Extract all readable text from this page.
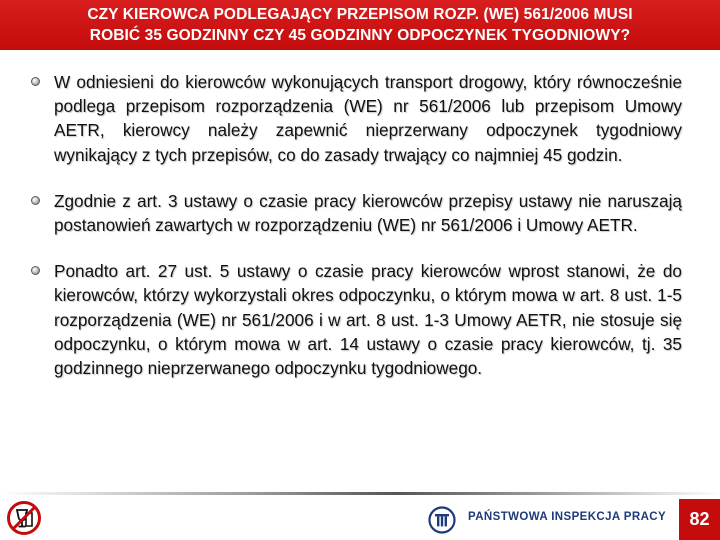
CZY KIEROWCA PODLEGAJĄCY PRZEPISOM ROZP. (WE) 561/2006 MUSI
ROBIĆ 35 GODZINNY CZY 45 GODZINNY ODPOCZYNEK TYGODNIOWY?
W odniesieni do kierowców wykonujących transport drogowy, który równocześnie podlega przepisom rozporządzenia (WE) nr 561/2006 lub przepisom Umowy AETR, kierowcy należy zapewnić nieprzerwany odpoczynek tygodniowy wynikający z tych przepisów, co do zasady trwający co najmniej 45 godzin.
Zgodnie z art. 3 ustawy o czasie pracy kierowców przepisy ustawy nie naruszają postanowień zawartych w rozporządzeniu (WE) nr 561/2006 i Umowy AETR.
Ponadto art. 27 ust. 5 ustawy o czasie pracy kierowców wprost stanowi, że do kierowców, którzy wykorzystali okres odpoczynku, o którym mowa w art. 8 ust. 1-5 rozporządzenia (WE) nr 561/2006 i w art. 8 ust. 1-3 Umowy AETR, nie stosuje się odpoczynku, o którym mowa w art. 14 ustawy o czasie pracy kierowców, tj. 35 godzinnego nieprzerwanego odpoczynku tygodniowego.
PAŃSTWOWA INSPEKCJA PRACY	82
